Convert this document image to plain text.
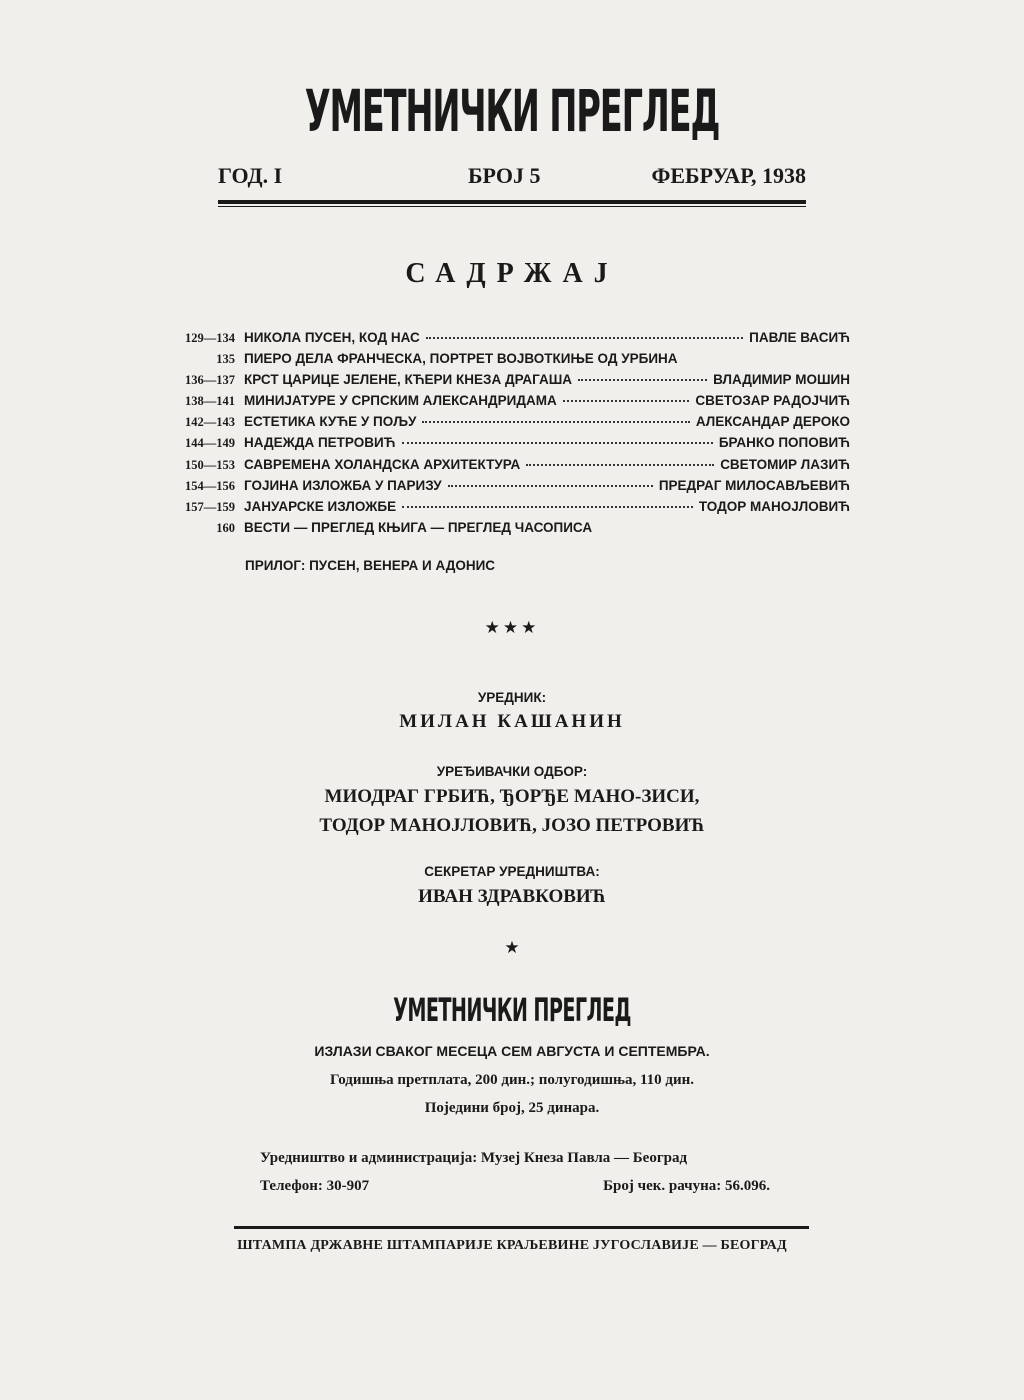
УМЕТНИЧКИ ПРЕГЛЕД
ГОД. I	БРОЈ 5	ФЕБРУАР, 1938
САДРЖАЈ
129—134 НИКОЛА ПУСЕН, КОД НАС	ПАВЛЕ ВАСИЋ
135 ПИЕРО ДЕЛА ФРАНЧЕСКА, ПОРТРЕТ ВОЈВОТКИЊЕ ОД УРБИНА
136—137 КРСТ ЦАРИЦЕ ЈЕЛЕНЕ, КЋЕРИ КНЕЗА ДРАГАША	ВЛАДИМИР МОШИН
138—141 МИНИЈАТУРЕ У СРПСКИМ АЛЕКСАНДРИДАМА	СВЕТОЗАР РАДОЈЧИЋ
142—143 ЕСТЕТИКА КУЋЕ У ПОЉУ	АЛЕКСАНДАР ДЕРОКО
144—149 НАДЕЖДА ПЕТРОВИЋ	БРАНКО ПОПОВИЋ
150—153 САВРЕМЕНА ХОЛАНДСКА АРХИТЕКТУРА	СВЕТОМИР ЛАЗИЋ
154—156 ГОЈИНА ИЗЛОЖБА У ПАРИЗУ	ПРЕДРАГ МИЛОСАВЉЕВИЋ
157—159 ЈАНУАРСКЕ ИЗЛОЖБЕ	ТОДОР МАНОЈЛОВИЋ
160 ВЕСТИ — ПРЕГЛЕД КЊИГА — ПРЕГЛЕД ЧАСОПИСА
ПРИЛОГ: ПУСЕН, ВЕНЕРА И АДОНИС
★★★
УРЕДНИК:
МИЛАН КАШАНИН
УРЕЂИВАЧКИ ОДБОР:
МИОДРАГ ГРБИЋ, ЂОРЂЕ МАНО-ЗИСИ,
ТОДОР МАНОЈЛОВИЋ, ЈОЗО ПЕТРОВИЋ
СЕКРЕТАР УРЕДНИШТВА:
ИВАН ЗДРАВКОВИЋ
★
УМЕТНИЧКИ ПРЕГЛЕД
ИЗЛАЗИ СВАКОГ МЕСЕЦА СЕМ АВГУСТА И СЕПТЕМБРА.
Годишња претплата, 200 дин.; полугодишња, 110 дин.
Поједини број, 25 динара.
Уредништво и администрација: Музеј Кнеза Павла — Београд
Телефон: 30-907	Број чек. рачуна: 56.096.
ШТАМПА ДРЖАВНЕ ШТАМПАРИЈЕ КРАЉЕВИНЕ ЈУГОСЛАВИЈЕ — БЕОГРАД
